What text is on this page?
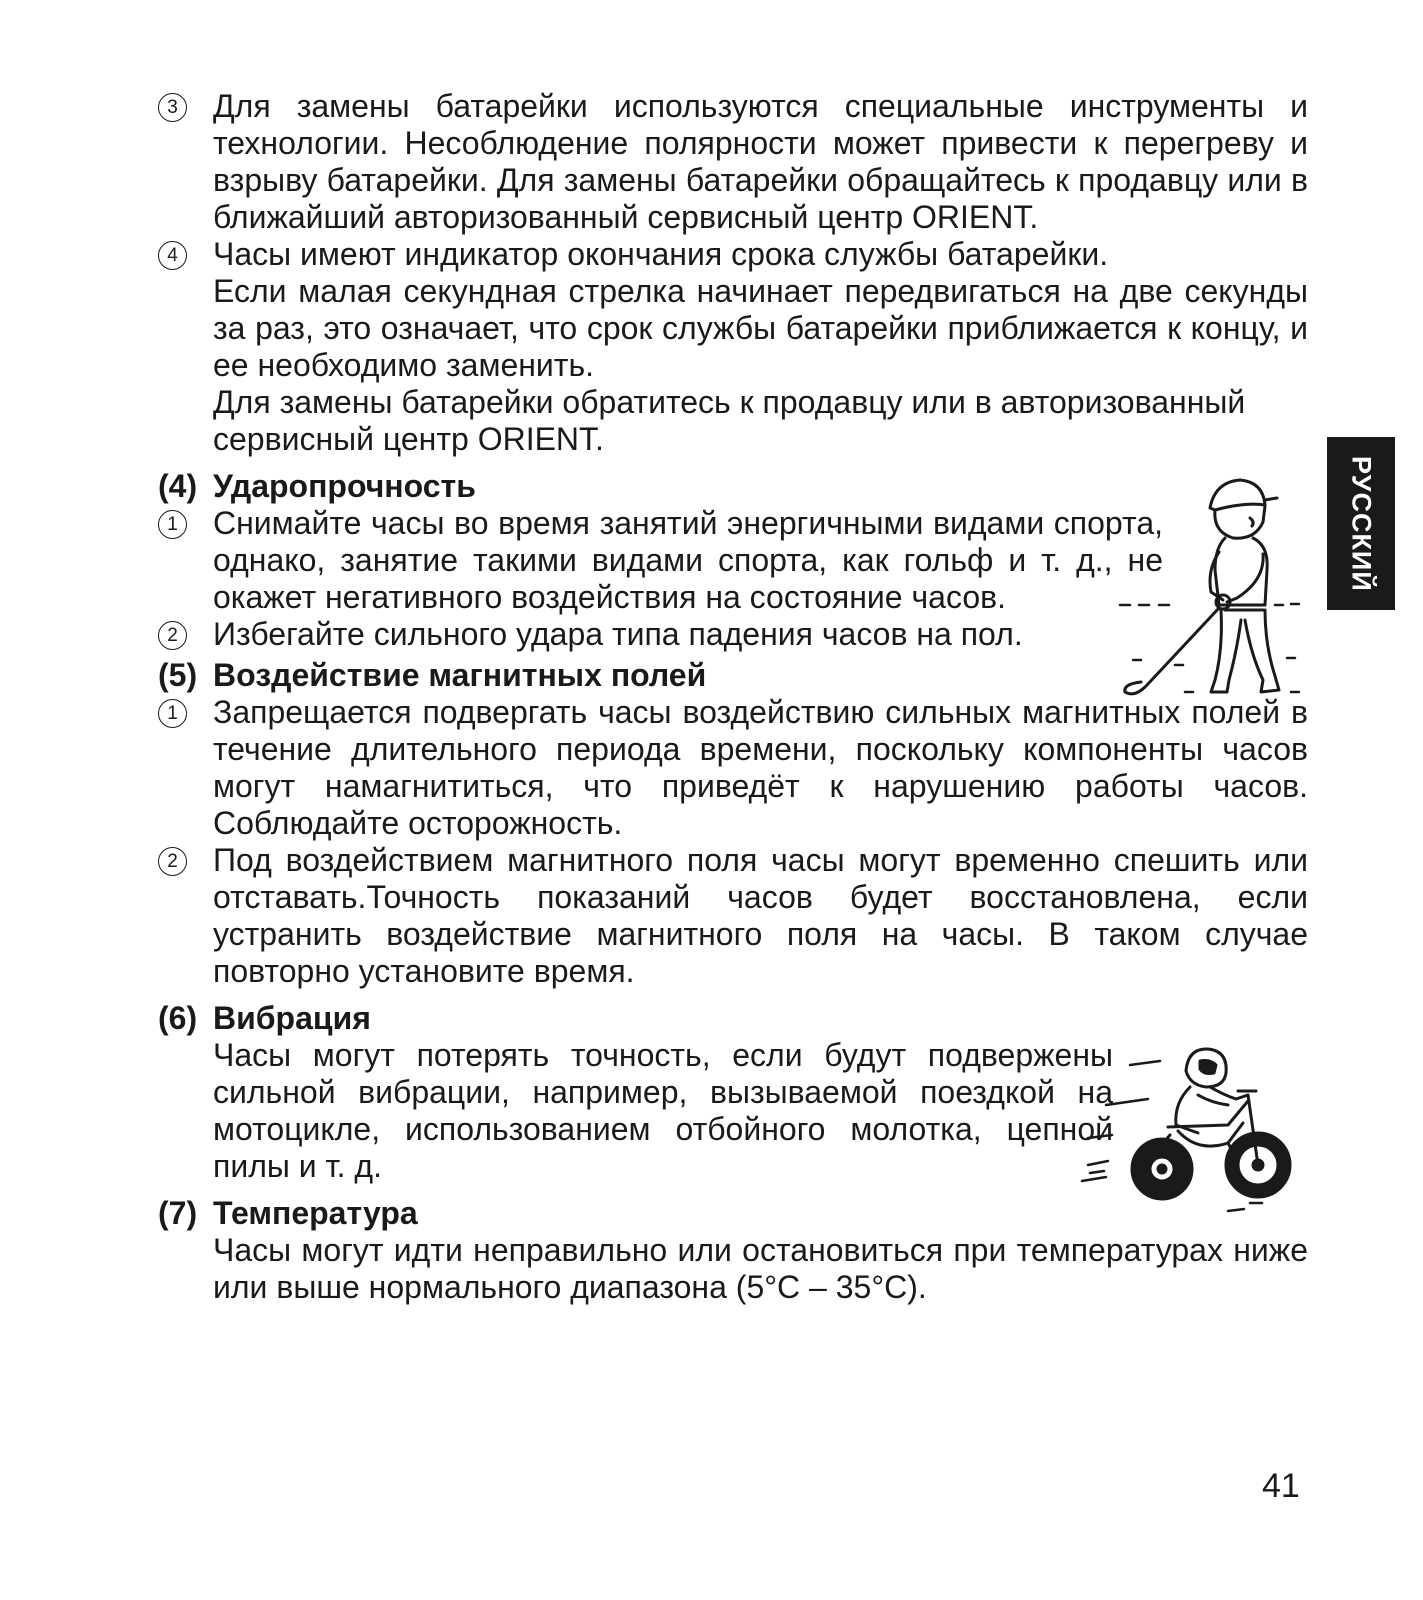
3 Для замены батарейки используются специальные инструменты и технологии. Несоблюдение полярности может привести к перегреву и взрыву батарейки. Для замены батарейки обращайтесь к продавцу или в ближайший авторизованный сервисный центр ORIENT.

4 Часы имеют индикатор окончания срока службы батарейки.

Если малая секундная стрелка начинает передвигаться на две секунды за раз, это означает, что срок службы батарейки приближается к концу, и ее необходимо заменить.

Для замены батарейки обратитесь к продавцу или в авторизованный сервисный центр ORIENT.

(4) Ударопрочность
1 Снимайте часы во время занятий энергичными видами спорта, однако, занятие такими видами спорта, как гольф и т. д., не окажет негативного воздействия на состояние часов.

2 Избегайте сильного удара типа падения часов на пол.

(5) Воздействие магнитных полей
1 Запрещается подвергать часы воздействию сильных магнитных полей в течение длительного периода времени, поскольку компоненты часов могут намагнититься, что приведёт к нарушению работы часов. Соблюдайте осторожность.

2 Под воздействием магнитного поля часы могут временно спешить или отставать.Точность показаний часов будет восстановлена, если устранить воздействие магнитного поля на часы. В таком случае повторно установите время.

(6) Вибрация
Часы могут потерять точность, если будут подвержены сильной вибрации, например, вызываемой поездкой на мотоцикле, использованием отбойного молотка, цепной пилы и т. д.
(7) Температура
Часы могут идти неправильно или остановиться при температурах ниже или выше нормального диапазона (5°C – 35°C).
РУССКИЙ
41
